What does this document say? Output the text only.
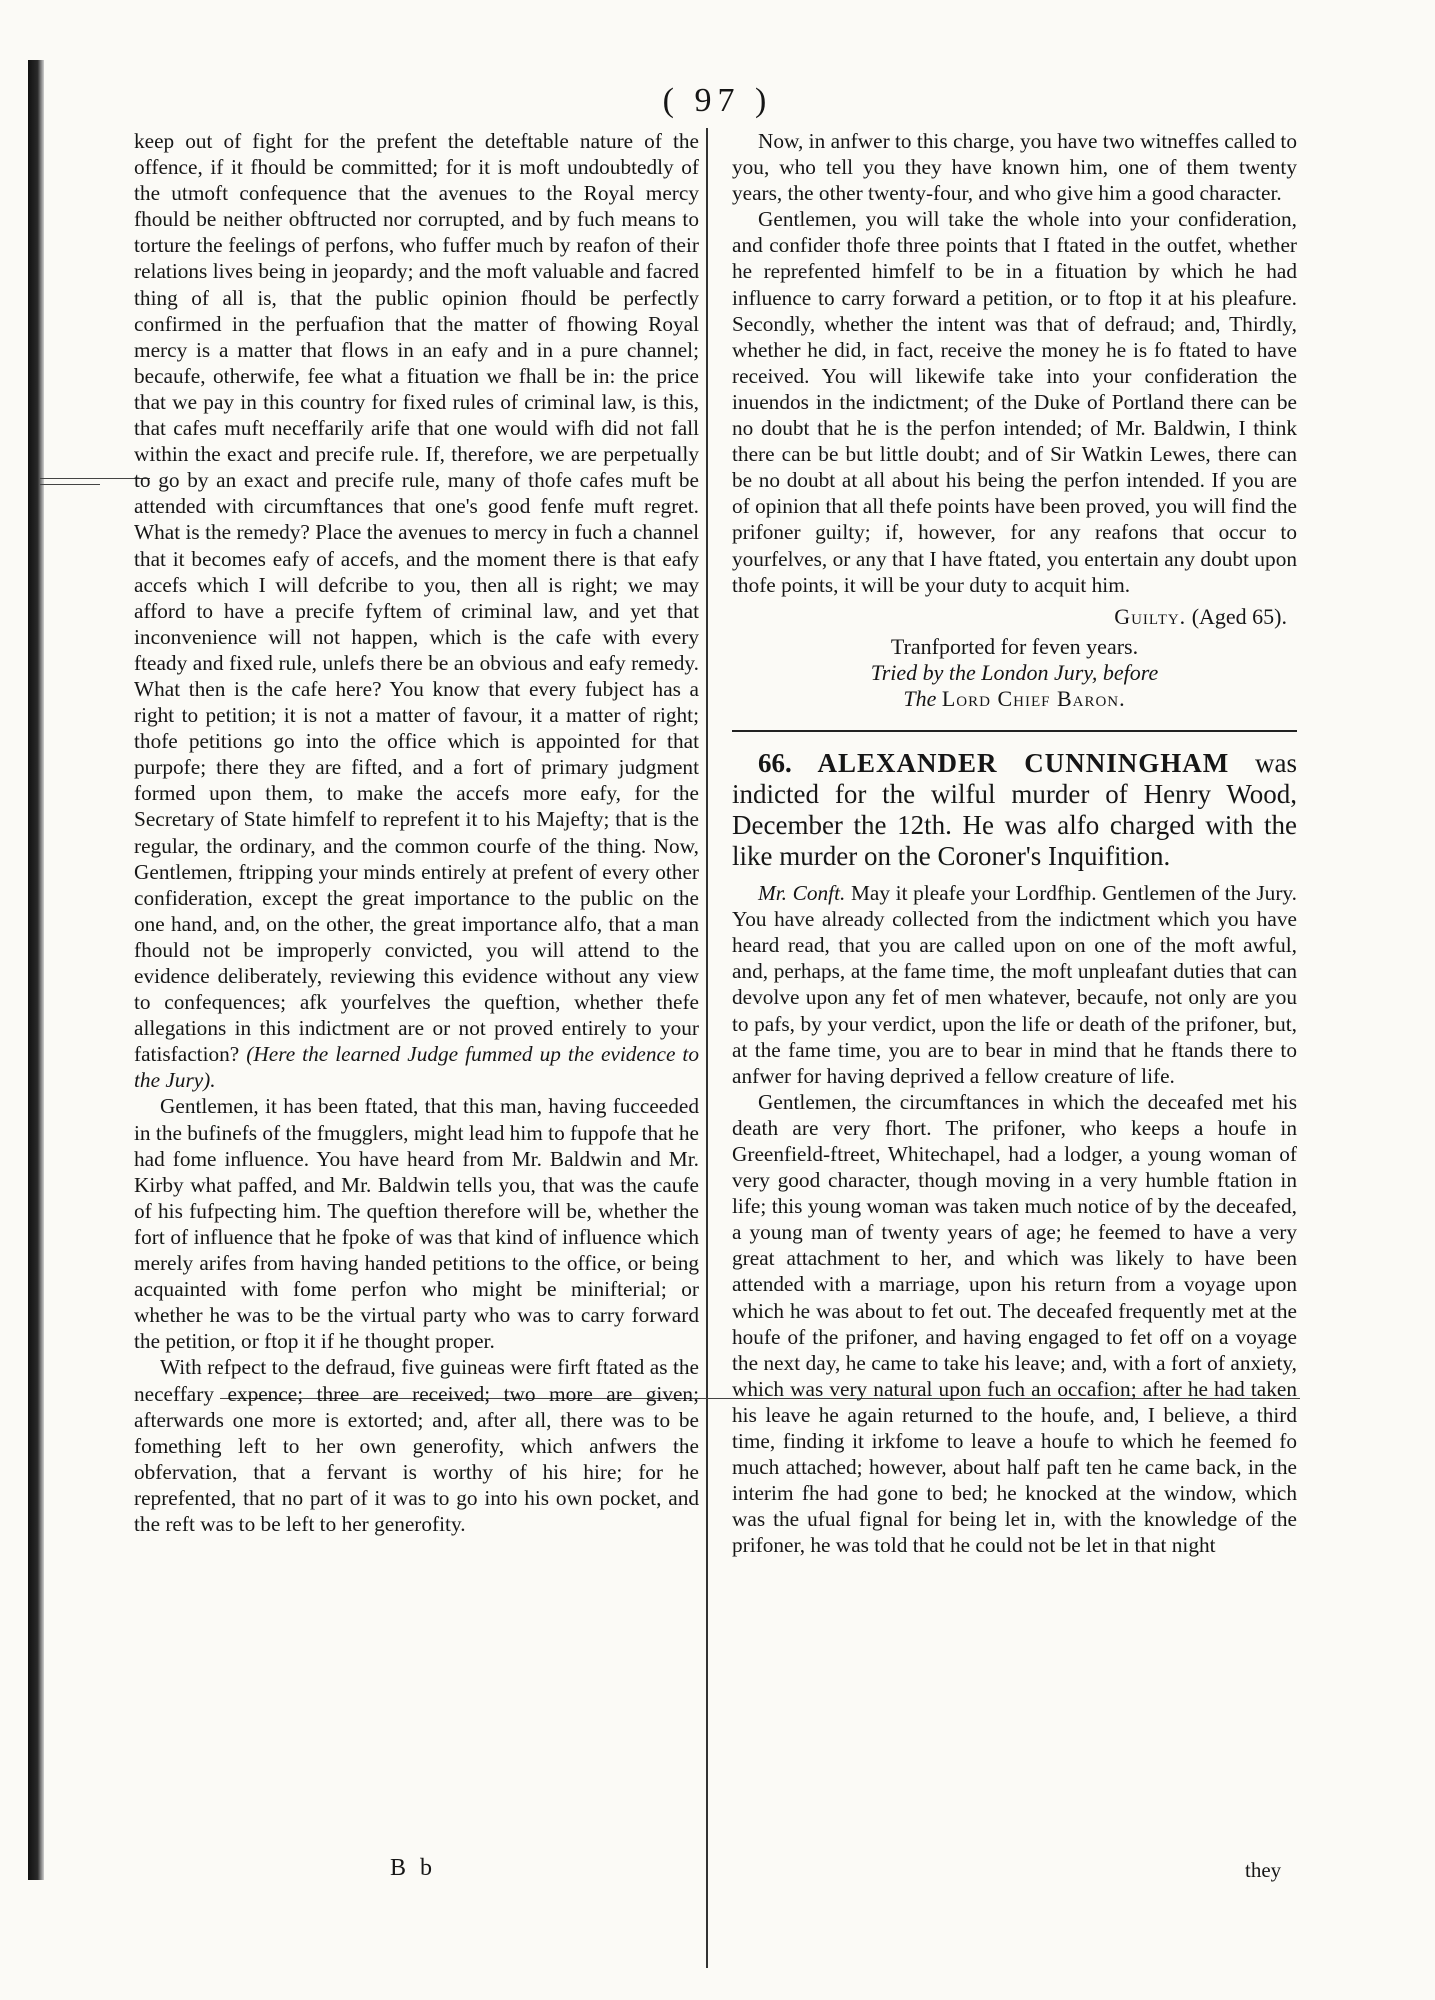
( 97 )

keep out of fight for the prefent the deteftable nature of the offence, if it fhould be committed; for it is moft undoubtedly of the utmoft confequence that the avenues to the Royal mercy fhould be neither obftructed nor corrupted, and by fuch means to torture the feelings of perfons, who fuffer much by reafon of their relations lives being in jeopardy; and the moft valuable and facred thing of all is, that the public opinion fhould be perfectly confirmed in the perfuafion that the matter of fhowing Royal mercy is a matter that flows in an eafy and in a pure channel; becaufe, otherwife, fee what a fituation we fhall be in: the price that we pay in this country for fixed rules of criminal law, is this, that cafes muft neceffarily arife that one would wifh did not fall within the exact and precife rule. If, therefore, we are perpetually to go by an exact and precife rule, many of thofe cafes muft be attended with circumftances that one's good fenfe muft regret. What is the remedy? Place the avenues to mercy in fuch a channel that it becomes eafy of accefs, and the moment there is that eafy accefs which I will defcribe to you, then all is right; we may afford to have a precife fyftem of criminal law, and yet that inconvenience will not happen, which is the cafe with every fteady and fixed rule, unlefs there be an obvious and eafy remedy. What then is the cafe here? You know that every fubject has a right to petition; it is not a matter of favour, it a matter of right; thofe petitions go into the office which is appointed for that purpofe; there they are fifted, and a fort of primary judgment formed upon them, to make the accefs more eafy, for the Secretary of State himfelf to reprefent it to his Majefty; that is the regular, the ordinary, and the common courfe of the thing. Now, Gentlemen, ftripping your minds entirely at prefent of every other confideration, except the great importance to the public on the one hand, and, on the other, the great importance alfo, that a man fhould not be improperly convicted, you will attend to the evidence deliberately, reviewing this evidence without any view to confequences; afk yourfelves the queftion, whether thefe allegations in this indictment are or not proved entirely to your fatisfaction? (Here the learned Judge fummed up the evidence to the Jury).

Gentlemen, it has been ftated, that this man, having fucceeded in the bufinefs of the fmugglers, might lead him to fuppofe that he had fome influence. You have heard from Mr. Baldwin and Mr. Kirby what paffed, and Mr. Baldwin tells you, that was the caufe of his fufpecting him. The queftion therefore will be, whether the fort of influence that he fpoke of was that kind of influence which merely arifes from having handed petitions to the office, or being acquainted with fome perfon who might be minifterial; or whether he was to be the virtual party who was to carry forward the petition, or ftop it if he thought proper.

With refpect to the defraud, five guineas were firft ftated as the neceffary expence; three are received; two more are given; afterwards one more is extorted; and, after all, there was to be fomething left to her own generofity, which anfwers the obfervation, that a fervant is worthy of his hire; for he reprefented, that no part of it was to go into his own pocket, and the reft was to be left to her generofity.

Now, in anfwer to this charge, you have two witneffes called to you, who tell you they have known him, one of them twenty years, the other twenty-four, and who give him a good character.

Gentlemen, you will take the whole into your confideration, and confider thofe three points that I ftated in the outfet, whether he reprefented himfelf to be in a fituation by which he had influence to carry forward a petition, or to ftop it at his pleafure. Secondly, whether the intent was that of defraud; and, Thirdly, whether he did, in fact, receive the money he is fo ftated to have received. You will likewife take into your confideration the inuendos in the indictment; of the Duke of Portland there can be no doubt that he is the perfon intended; of Mr. Baldwin, I think there can be but little doubt; and of Sir Watkin Lewes, there can be no doubt at all about his being the perfon intended. If you are of opinion that all thefe points have been proved, you will find the prifoner guilty; if, however, for any reafons that occur to yourfelves, or any that I have ftated, you entertain any doubt upon thofe points, it will be your duty to acquit him.

Guilty. (Aged 65).
Tranfported for feven years.
Tried by the London Jury, before
The Lord Chief Baron.
66. ALEXANDER CUNNINGHAM was indicted for the wilful murder of Henry Wood, December the 12th. He was alfo charged with the like murder on the Coroner's Inquifition.

Mr. Conft. May it pleafe your Lordfhip. Gentlemen of the Jury. You have already collected from the indictment which you have heard read, that you are called upon on one of the moft awful, and, perhaps, at the fame time, the moft unpleafant duties that can devolve upon any fet of men whatever, becaufe, not only are you to pafs, by your verdict, upon the life or death of the prifoner, but, at the fame time, you are to bear in mind that he ftands there to anfwer for having deprived a fellow creature of life.

Gentlemen, the circumftances in which the deceafed met his death are very fhort. The prifoner, who keeps a houfe in Greenfield-ftreet, Whitechapel, had a lodger, a young woman of very good character, though moving in a very humble ftation in life; this young woman was taken much notice of by the deceafed, a young man of twenty years of age; he feemed to have a very great attachment to her, and which was likely to have been attended with a marriage, upon his return from a voyage upon which he was about to fet out. The deceafed frequently met at the houfe of the prifoner, and having engaged to fet off on a voyage the next day, he came to take his leave; and, with a fort of anxiety, which was very natural upon fuch an occafion; after he had taken his leave he again returned to the houfe, and, I believe, a third time, finding it irkfome to leave a houfe to which he feemed fo much attached; however, about half paft ten he came back, in the interim fhe had gone to bed; he knocked at the window, which was the ufual fignal for being let in, with the knowledge of the prifoner, he was told that he could not be let in that night

B b	they
